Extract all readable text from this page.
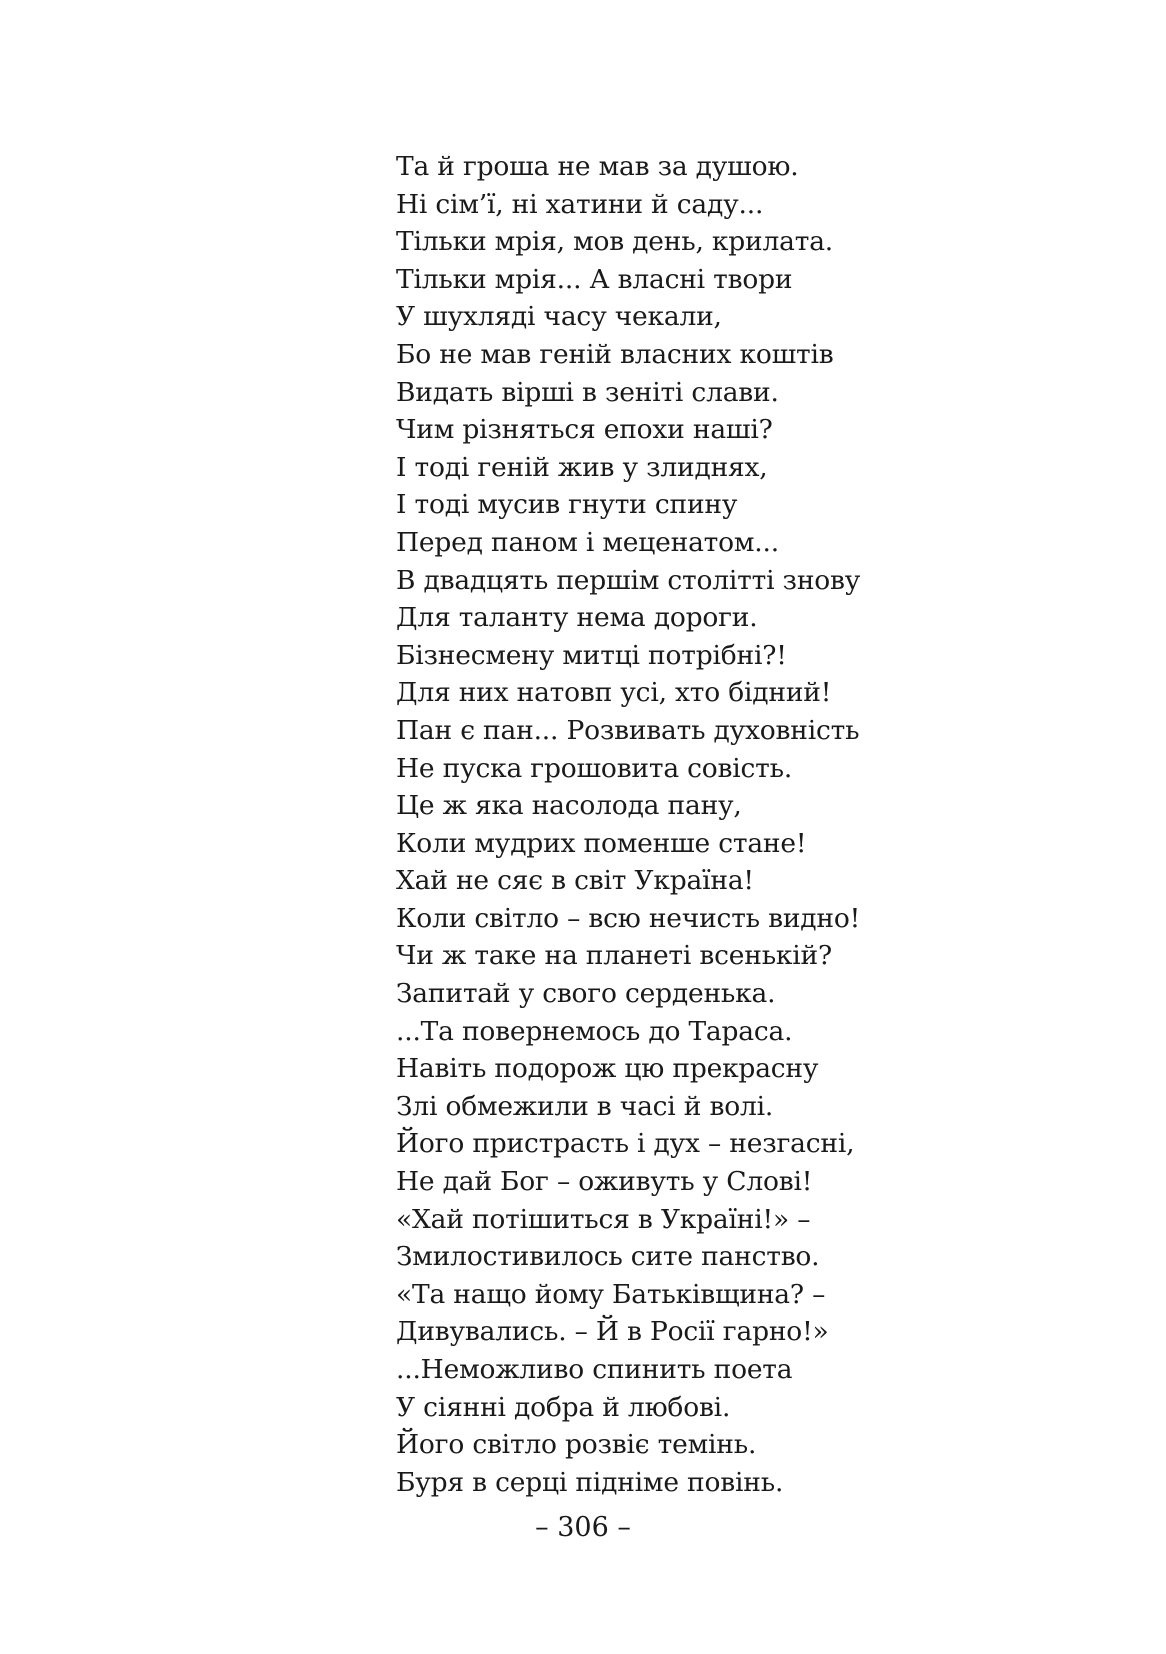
Та й гроша не мав за душою.
Ні сім’ї, ні хатини й саду...
Тільки мрія, мов день, крилата.
Тільки мрія... А власні твори
У шухляді часу чекали,
Бо не мав геній власних коштів
Видать вірші в зеніті слави.
Чим різняться епохи наші?
І тоді геній жив у злиднях,
І тоді мусив гнути спину
Перед паном і меценатом...
В двадцять першім столітті знову
Для таланту нема дороги.
Бізнесмену митці потрібні?!
Для них натовп усі, хто бідний!
Пан є пан... Розвивать духовність
Не пуска грошовита совість.
Це ж яка насолода пану,
Коли мудрих поменше стане!
Хай не сяє в світ Україна!
Коли світло – всю нечисть видно!
Чи ж таке на планеті всенькій?
Запитай у свого серденька.
...Та повернемось до Тараса.
Навіть подорож цю прекрасну
Злі обмежили в часі й волі.
Його пристрасть і дух – незгасні,
Не дай Бог – оживуть у Слові!
«Хай потішиться в Україні!» –
Змилостивилось сите панство.
«Та нащо йому Батьківщина? –
Дивувались. – Й в Росії гарно!»
...Неможливо спинить поета
У сіянні добра й любові.
Його світло розвіє темінь.
Буря в серці підніме повінь.
– 306 –
